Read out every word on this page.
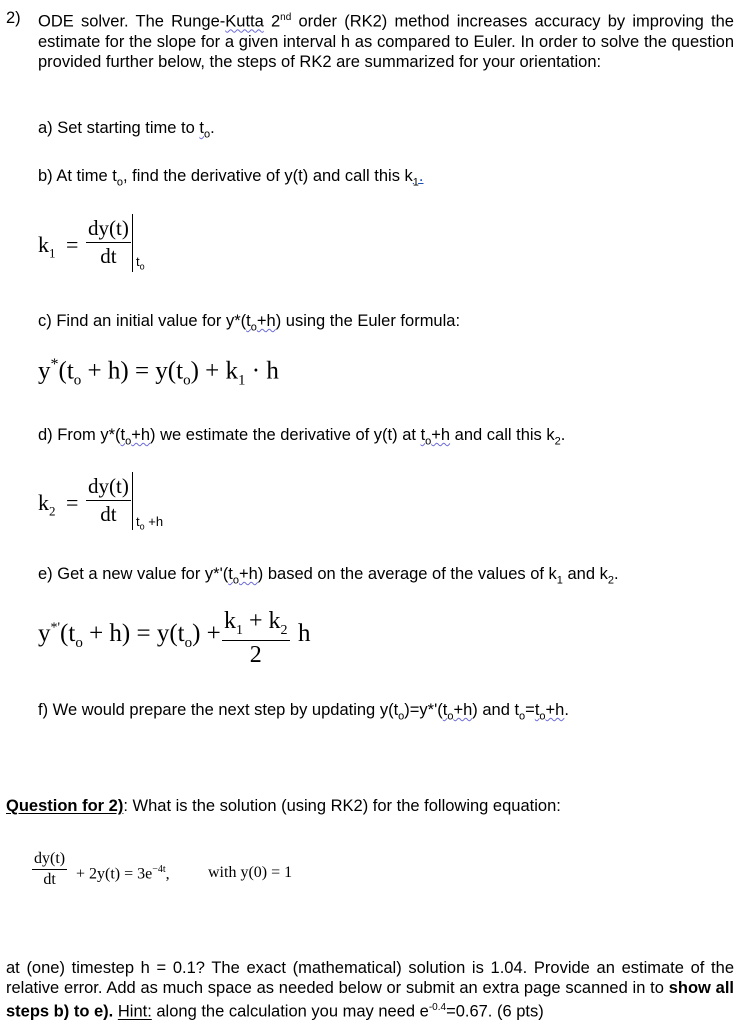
2) ODE solver. The Runge-Kutta 2nd order (RK2) method increases accuracy by improving the estimate for the slope for a given interval h as compared to Euler. In order to solve the question provided further below, the steps of RK2 are summarized for your orientation:
a) Set starting time to $t_o$.
b) At time $t_o$, find the derivative of y(t) and call this $k_1$.
$k_1 = \frac{dy(t)}{dt} t_o$
c) Find an initial value for $y*(t_o+h)$ using the Euler formula:
$y^*(t_o + h) = y(t_o) + k_1 \cdot h$
d) From $y*(t_o+h)$ we estimate the derivative of y(t) at $t_o+h$ and call this $k_2$.
$k_2 = \frac{dy(t)}{dt} t_o +h$
e) Get a new value for $y*'(t_o+h)$ based on the average of the values of $k_1$ and $k_2$.
$y^{*'}(t_o + h) = y(t_o) + \frac{k_1 + k_2}{2}$ h
f) We would prepare the next step by updating $y(t_o)=y*'(t_o+h)$ and $t_o=t_o+h$.
Question for 2): What is the solution (using RK2) for the following equation:
$\frac{dy(t)}{dt} + 2y(t) = 3e^{-4t}$, with y(0) = 1
at (one) timestep h = 0.1? The exact (mathematical) solution is 1.04. Provide an estimate of the relative error. Add as much space as needed below or submit an extra page scanned in to show all steps b) to e). Hint: along the calculation you may need $e^{-0.4}=0.67$. (6 pts)
